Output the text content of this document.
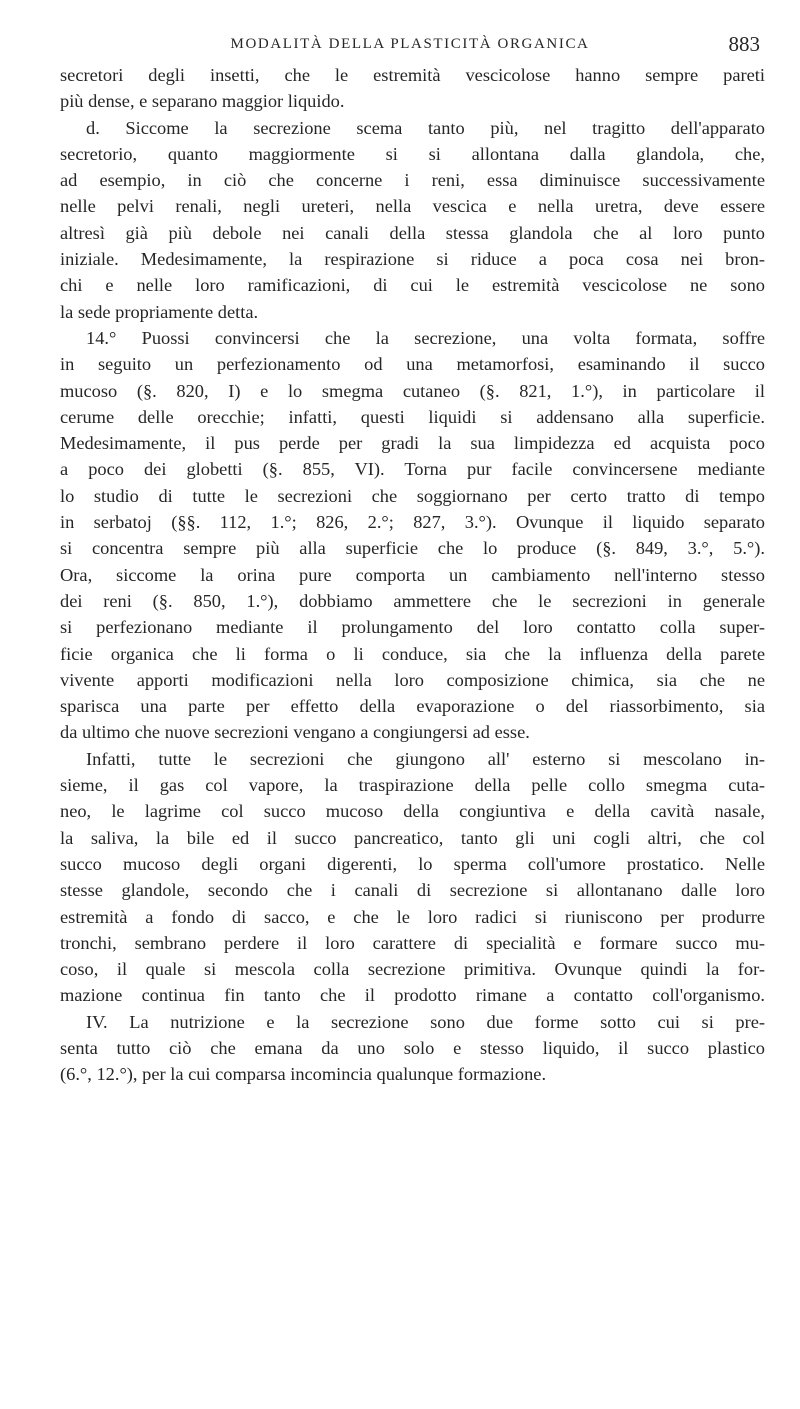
MODALITÀ DELLA PLASTICITÀ ORGANICA	883
secretori degli insetti, che le estremità vescicolose hanno sempre pareti
più dense, e separano maggior liquido.
d. Siccome la secrezione scema tanto più, nel tragitto dell'apparato
secretorio, quanto maggiormente si si allontana dalla glandola, che,
ad esempio, in ciò che concerne i reni, essa diminuisce successivamente
nelle pelvi renali, negli ureteri, nella vescica e nella uretra, deve essere
altresì già più debole nei canali della stessa glandola che al loro punto
iniziale. Medesimamente, la respirazione si riduce a poca cosa nei bron-
chi e nelle loro ramificazioni, di cui le estremità vescicolose ne sono
la sede propriamente detta.
14.° Puossi convincersi che la secrezione, una volta formata, soffre
in seguito un perfezionamento od una metamorfosi, esaminando il succo
mucoso (§. 820, I) e lo smegma cutaneo (§. 821, 1.°), in particolare il
cerume delle orecchie; infatti, questi liquidi si addensano alla superficie.
Medesimamente, il pus perde per gradi la sua limpidezza ed acquista poco
a poco dei globetti (§. 855, VI). Torna pur facile convincersene mediante
lo studio di tutte le secrezioni che soggiornano per certo tratto di tempo
in serbatoj (§§. 112, 1.°; 826, 2.°; 827, 3.°). Ovunque il liquido separato
si concentra sempre più alla superficie che lo produce (§. 849, 3.°, 5.°).
Ora, siccome la orina pure comporta un cambiamento nell'interno stesso
dei reni (§. 850, 1.°), dobbiamo ammettere che le secrezioni in generale
si perfezionano mediante il prolungamento del loro contatto colla super-
ficie organica che li forma o li conduce, sia che la influenza della parete
vivente apporti modificazioni nella loro composizione chimica, sia che ne
sparisca una parte per effetto della evaporazione o del riassorbimento, sia
da ultimo che nuove secrezioni vengano a congiungersi ad esse.
Infatti, tutte le secrezioni che giungono all' esterno si mescolano in-
sieme, il gas col vapore, la traspirazione della pelle collo smegma cuta-
neo, le lagrime col succo mucoso della congiuntiva e della cavità nasale,
la saliva, la bile ed il succo pancreatico, tanto gli uni cogli altri, che col
succo mucoso degli organi digerenti, lo sperma coll'umore prostatico. Nelle
stesse glandole, secondo che i canali di secrezione si allontanano dalle loro
estremità a fondo di sacco, e che le loro radici si riuniscono per produrre
tronchi, sembrano perdere il loro carattere di specialità e formare succo mu-
coso, il quale si mescola colla secrezione primitiva. Ovunque quindi la for-
mazione continua fin tanto che il prodotto rimane a contatto coll'organismo.
IV. La nutrizione e la secrezione sono due forme sotto cui si pre-
senta tutto ciò che emana da uno solo e stesso liquido, il succo plastico
(6.°, 12.°), per la cui comparsa incomincia qualunque formazione.
